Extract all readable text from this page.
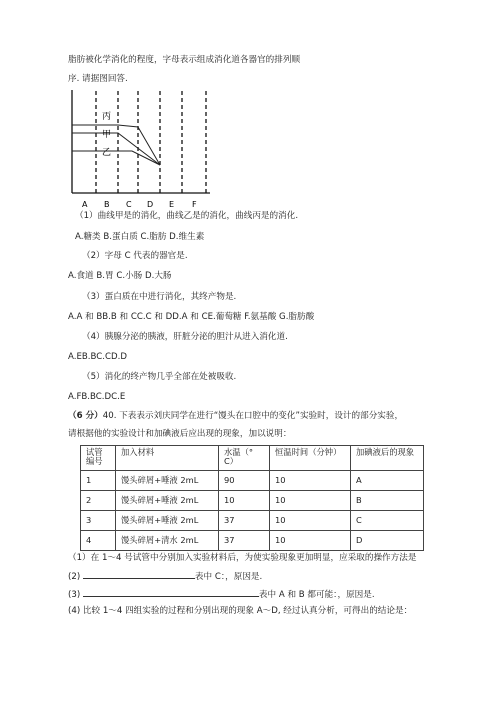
脂肪被化学消化的程度，字母表示组成消化道各器官的排列顺
序. 请据图回答.
丙
甲
乙
A B C D E F
（1）曲线甲是的消化，曲线乙是的消化，曲线丙是的消化.
A.糖类 B.蛋白质 C.脂肪 D.维生素
（2）字母 C 代表的器官是.
A.食道 B.胃 C.小肠 D.大肠
（3）蛋白质在中进行消化，其终产物是.
A.A 和 BB.B 和 CC.C 和 DD.A 和 CE.葡萄糖 F.氨基酸 G.脂肪酸
（4）胰腺分泌的胰液，肝脏分泌的胆汁从进入消化道.
A.EB.BC.CD.D
（5）消化的终产物几乎全部在处被吸收.
A.FB.BC.DC.E
（6 分）40. 下表表示刘庆同学在进行“馒头在口腔中的变化”实验时，设计的部分实验，
请根据他的实验设计和加碘液后应出现的现象，加以说明：
试管编号	加入材料	水温（° C）	恒温时间（分钟）	加碘液后的现象
1	馒头碎屑+唾液 2mL	90	10	A
2	馒头碎屑+唾液 2mL	10	10	B
3	馒头碎屑+唾液 2mL	37	10	C
4	馒头碎屑+清水 2mL	37	10	D
（1）在 1～4 号试管中分别加入实验材料后，为使实验现象更加明显，应采取的操作方法是
(2)	表中 C：，原因是.
(3)	表中 A 和 B 都可能：，原因是.
(4) 比较 1～4 四组实验的过程和分别出现的现象 A～D, 经过认真分析，可得出的结论是：
